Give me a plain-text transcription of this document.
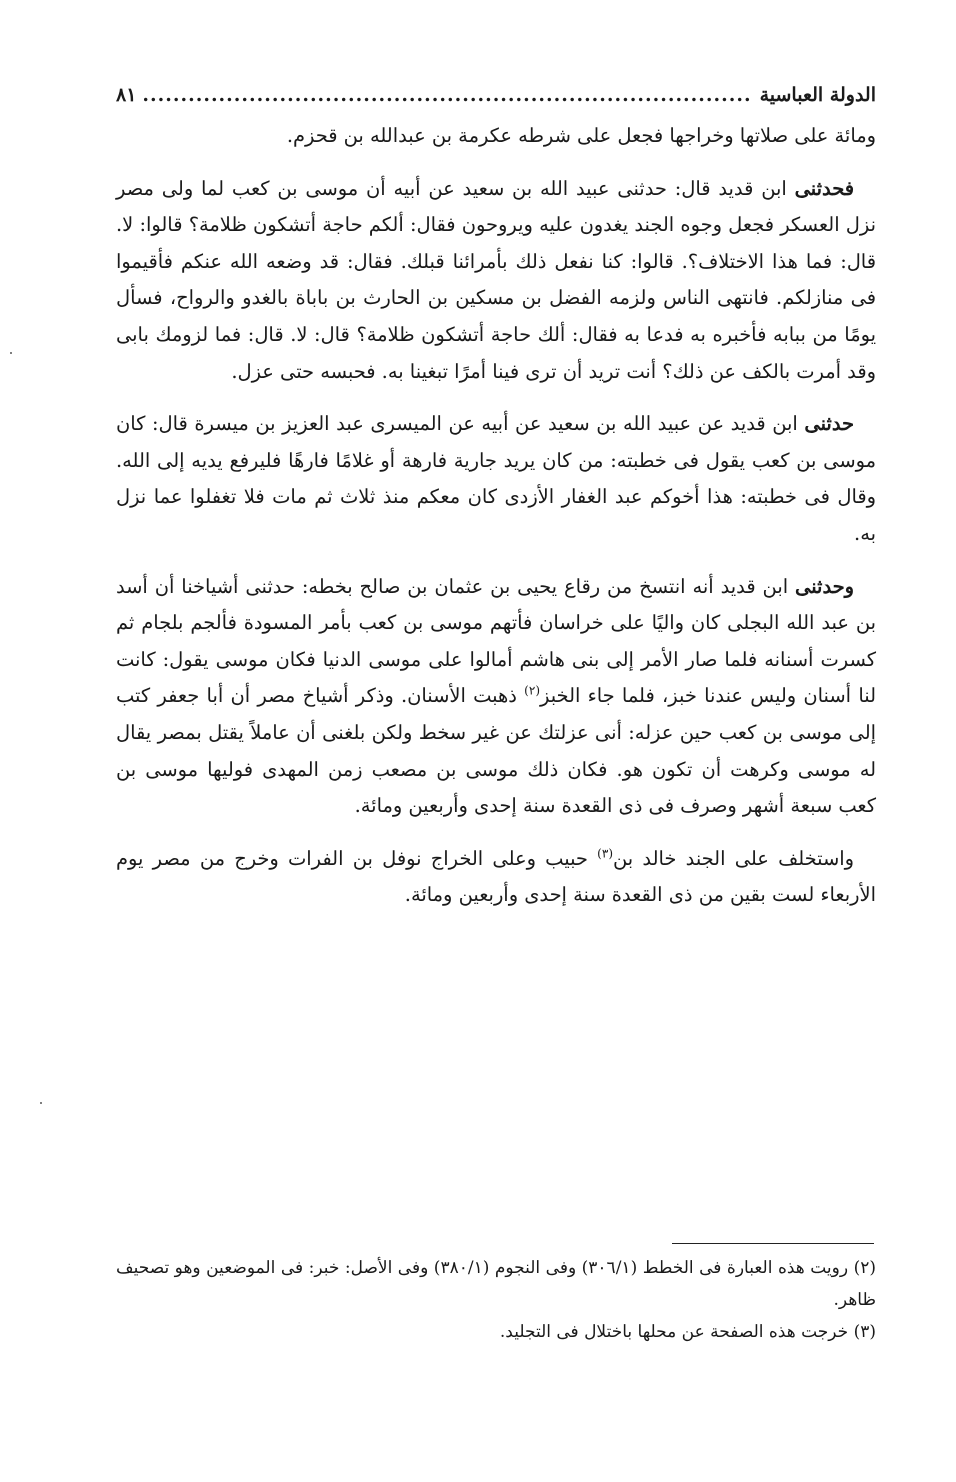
الدولة العباسية
.....
٨١

ومائة على صلاتها وخراجها فجعل على شرطه عكرمة بن عبدالله بن قحزم.

فحدثنى ابن قديد قال: حدثنى عبيد الله بن سعيد عن أبيه أن موسى بن كعب لما ولى مصر نزل العسكر فجعل وجوه الجند يغدون عليه ويروحون فقال: ألكم حاجة أتشكون ظلامة؟ قالوا: لا. قال: فما هذا الاختلاف؟. قالوا: كنا نفعل ذلك بأمرائنا قبلك. فقال: قد وضعه الله عنكم فأقيموا فى منازلكم. فانتهى الناس ولزمه الفضل بن مسكين بن الحارث بن باباة بالغدو والرواح، فسأل يومًا من ببابه فأخبره به فدعا به فقال: ألك حاجة أتشكون ظلامة؟ قال: لا. قال: فما لزومك بابى وقد أمرت بالكف عن ذلك؟ أنت تريد أن ترى فينا أمرًا تبغينا به. فحبسه حتى عزل.

حدثنى ابن قديد عن عبيد الله بن سعيد عن أبيه عن الميسرى عبد العزيز بن ميسرة قال: كان موسى بن كعب يقول فى خطبته: من كان يريد جارية فارهة أو غلامًا فارهًا فليرفع يديه إلى الله. وقال فى خطبته: هذا أخوكم عبد الغفار الأزدى كان معكم منذ ثلاث ثم مات فلا تغفلوا عما نزل به.

وحدثنى ابن قديد أنه انتسخ من رقاع يحيى بن عثمان بن صالح بخطه: حدثنى أشياخنا أن أسد بن عبد الله البجلى كان واليًا على خراسان فأتهم موسى بن كعب بأمر المسودة فألجم بلجام ثم كسرت أسنانه فلما صار الأمر إلى بنى هاشم أمالوا على موسى الدنيا فكان موسى يقول: كانت لنا أسنان وليس عندنا خبز، فلما جاء الخبز$^{(٢)}$ ذهبت الأسنان. وذكر أشياخ مصر أن أبا جعفر كتب إلى موسى بن كعب حين عزله: أنى عزلتك عن غير سخط ولكن بلغنى أن عاملاً يقتل بمصر يقال له موسى وكرهت أن تكون هو. فكان ذلك موسى بن مصعب زمن المهدى فوليها موسى بن كعب سبعة أشهر وصرف فى ذى القعدة سنة إحدى وأربعين ومائة.

واستخلف على الجند خالد بن$^{(٣)}$ حبيب وعلى الخراج نوفل بن الفرات وخرج من مصر يوم الأربعاء لست بقين من ذى القعدة سنة إحدى وأربعين ومائة.

(٢) رويت هذه العبارة فى الخطط (٣٠٦/١) وفى النجوم (٣٨٠/١) وفى الأصل: خبر: فى الموضعين وهو تصحيف ظاهر.

(٣) خرجت هذه الصفحة عن محلها باختلال فى التجليد.
